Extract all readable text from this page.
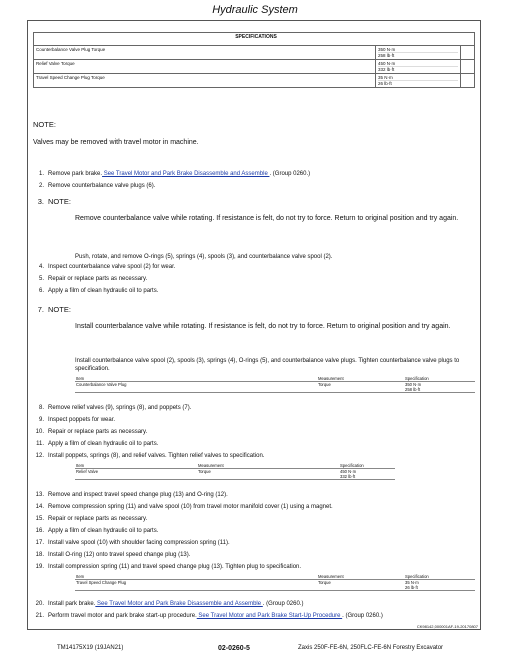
Hydraulic System
	SPECIFICATIONS		
Counterbalance Valve Plug Torque		350 N·m
258 lb·ft	

Relief Valve Torque		450 N·m
332 lb·ft	

Travel Speed Change Plug Torque		35 N·m
26 lb·ft	

NOTE:
Valves may be removed with travel motor in machine.
1. Remove park brake. See Travel Motor and Park Brake Disassemble and Assemble . (Group 0260.)
2. Remove counterbalance valve plugs (6).
3. NOTE:
Remove counterbalance valve while rotating. If resistance is felt, do not try to force. Return to original position and try again.
Push, rotate, and remove O-rings (5), springs (4), spools (3), and counterbalance valve spool (2).
4. Inspect counterbalance valve spool (2) for wear.
5. Repair or replace parts as necessary.
6. Apply a film of clean hydraulic oil to parts.
7. NOTE:
Install counterbalance valve while rotating. If resistance is felt, do not try to force. Return to original position and try again.
Install counterbalance valve spool (2), spools (3), springs (4), O-rings (5), and counterbalance valve plugs. Tighten counterbalance valve plugs to specification.
Item	Measurement	Specification
Counterbalance Valve Plug	Torque	350 N·m
258 lb·ft
8. Remove relief valves (9), springs (8), and poppets (7).
9. Inspect poppets for wear.
10. Repair or replace parts as necessary.
11. Apply a film of clean hydraulic oil to parts.
12. Install poppets, springs (8), and relief valves. Tighten relief valves to specification.
Item	Measurement	Specification
Relief Valve	Torque	450 N·m
332 lb·ft
13. Remove and inspect travel speed change plug (13) and O-ring (12).
14. Remove compression spring (11) and valve spool (10) from travel motor manifold cover (1) using a magnet.
15. Repair or replace parts as necessary.
16. Apply a film of clean hydraulic oil to parts.
17. Install valve spool (10) with shoulder facing compression spring (11).
18. Install O-ring (12) onto travel speed change plug (13).
19. Install compression spring (11) and travel speed change plug (13). Tighten plug to specification.
Item	Measurement	Specification
Travel Speed Change Plug	Torque	35 N·m
26 lb·ft
20. Install park brake. See Travel Motor and Park Brake Disassemble and Assemble . (Group 0260.)
21. Perform travel motor and park brake start-up procedure. See Travel Motor and Park Brake Start-Up Procedure . (Group 0260.)
CK98142,000001AF-19-20170807
TM14175X19 (19JAN21)	02-0260-5	Zaxis 250F-FE-6N, 250FLC-FE-6N Forestry Excavator
